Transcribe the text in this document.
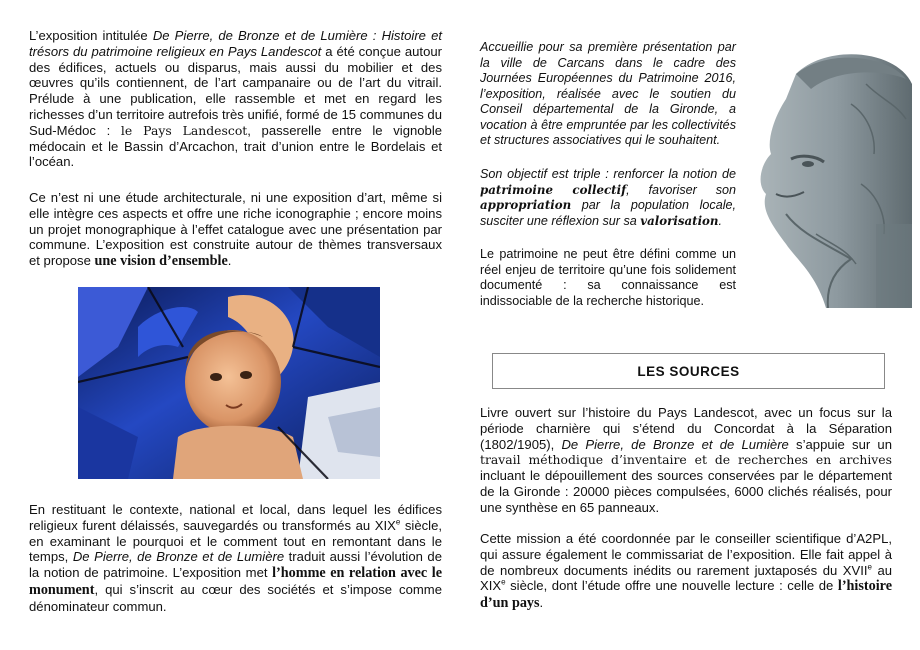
L’exposition intitulée De Pierre, de Bronze et de Lumière : Histoire et trésors du patrimoine religieux en Pays Landescot a été conçue autour des édifices, actuels ou disparus, mais aussi du mobilier et des œuvres qu’ils contiennent, de l’art campanaire ou de l’art du vitrail. Prélude à une publication, elle rassemble et met en regard les richesses d’un territoire autrefois très unifié, formé de 15 communes du Sud-Médoc : le Pays Landescot, passerelle entre le vignoble médocain et le Bassin d’Arcachon, trait d’union entre le Bordelais et l’océan.

Ce n’est ni une étude architecturale, ni une exposition d’art, même si elle intègre ces aspects et offre une riche iconographie ; encore moins un projet monographique à l’effet catalogue avec une présentation par commune. L’exposition est construite autour de thèmes transversaux et propose une vision d’ensemble.

En restituant le contexte, national et local, dans lequel les édifices religieux furent délaissés, sauvegardés ou transformés au XIXe siècle, en examinant le pourquoi et le comment tout en remontant dans le temps, De Pierre, de Bronze et de Lumière traduit aussi l’évolution de la notion de patrimoine. L’exposition met l’homme en relation avec le monument, qui s’inscrit au cœur des sociétés et s’impose comme dénominateur commun.

Accueillie pour sa première présentation par la ville de Carcans dans le cadre des Journées Européennes du Patrimoine 2016, l’exposition, réalisée avec le soutien du Conseil départemental de la Gironde, a vocation à être empruntée par les collectivités et structures associatives qui le souhaitent.

Son objectif est triple : renforcer la notion de patrimoine collectif, favoriser son appropriation par la population locale, susciter une réflexion sur sa valorisation.

Le patrimoine ne peut être défini comme un réel enjeu de territoire qu’une fois solidement documenté : sa connaissance est indissociable de la recherche historique.

LES SOURCES

Livre ouvert sur l’histoire du Pays Landescot, avec un focus sur la période charnière qui s’étend du Concordat à la Séparation (1802/1905), De Pierre, de Bronze et de Lumière s’appuie sur un travail méthodique d’inventaire et de recherches en archives incluant le dépouillement des sources conservées par le département de la Gironde : 20000 pièces compulsées, 6000 clichés réalisés, pour une synthèse en 65 panneaux.

Cette mission a été coordonnée par le conseiller scientifique d’A2PL, qui assure également le commissariat de l’exposition. Elle fait appel à de nombreux documents inédits ou rarement juxtaposés du XVIIe au XIXe siècle, dont l’étude offre une nouvelle lecture : celle de l’histoire d’un pays.
